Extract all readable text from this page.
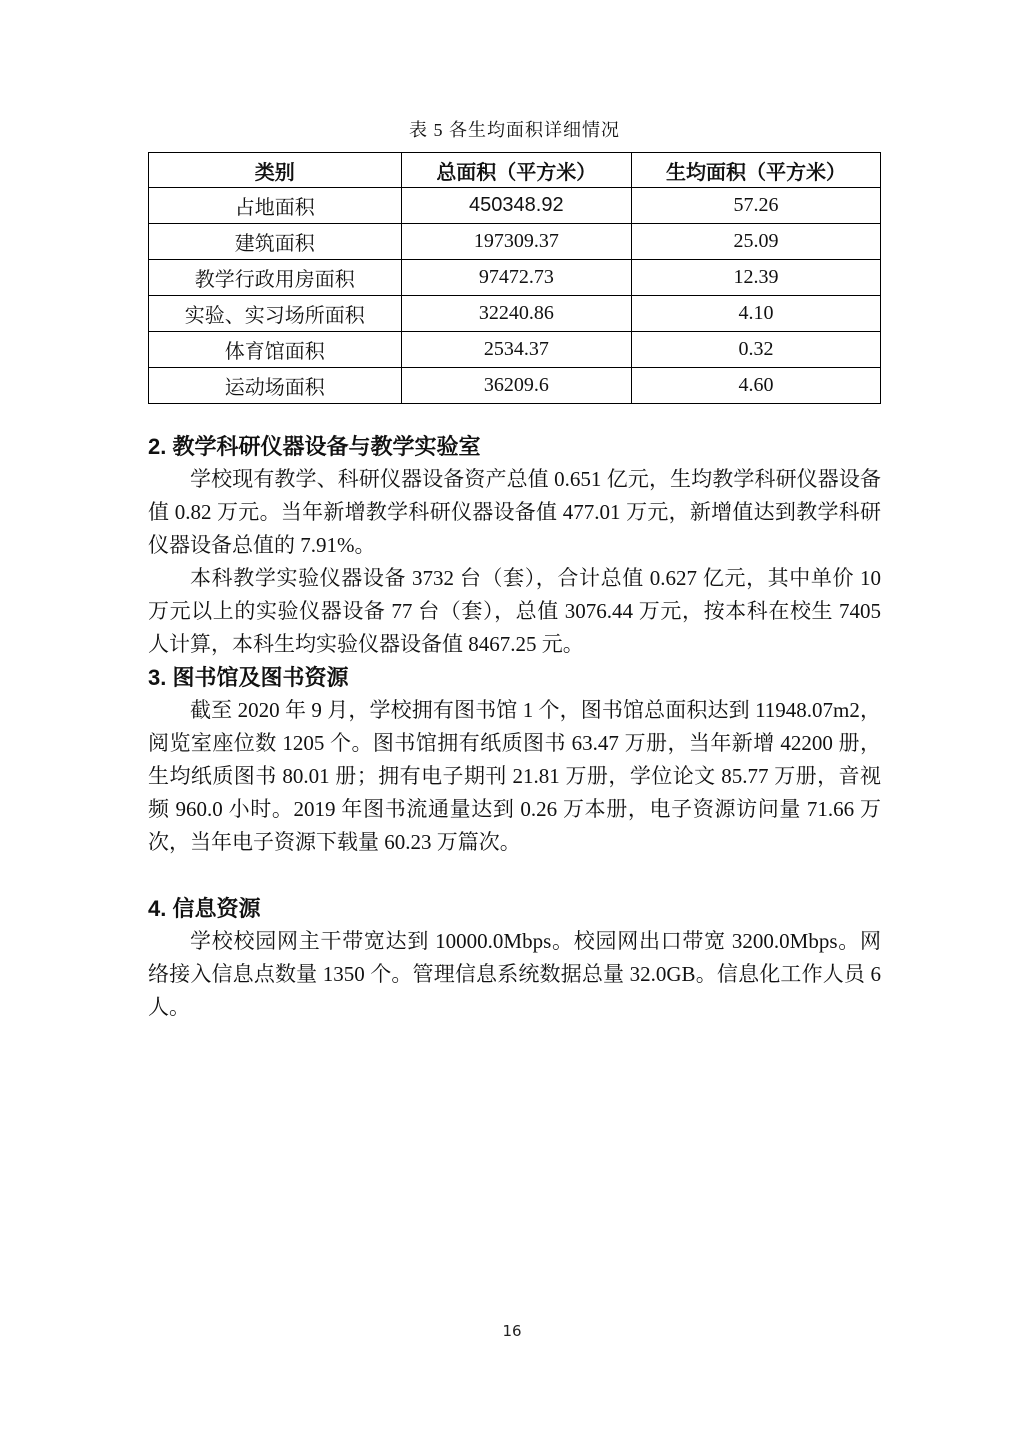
表 5 各生均面积详细情况
类别	总面积（平方米）	生均面积（平方米）
占地面积	450348.92	57.26
建筑面积	197309.37	25.09
教学行政用房面积	97472.73	12.39
实验、实习场所面积	32240.86	4.10
体育馆面积	2534.37	0.32
运动场面积	36209.6	4.60
2. 教学科研仪器设备与教学实验室

学校现有教学、科研仪器设备资产总值 0.651 亿元，生均教学科研仪器设备值 0.82 万元。当年新增教学科研仪器设备值 477.01 万元，新增值达到教学科研仪器设备总值的 7.91%。

本科教学实验仪器设备 3732 台（套），合计总值 0.627 亿元，其中单价 10 万元以上的实验仪器设备 77 台（套），总值 3076.44 万元，按本科在校生 7405 人计算，本科生均实验仪器设备值 8467.25 元。

3. 图书馆及图书资源

截至 2020 年 9 月，学校拥有图书馆 1 个，图书馆总面积达到 11948.07m2，阅览室座位数 1205 个。图书馆拥有纸质图书 63.47 万册，当年新增 42200 册，生均纸质图书 80.01 册；拥有电子期刊 21.81 万册，学位论文 85.77 万册，音视频 960.0 小时。2019 年图书流通量达到 0.26 万本册，电子资源访问量 71.66 万次，当年电子资源下载量 60.23 万篇次。

4. 信息资源

学校校园网主干带宽达到 10000.0Mbps。校园网出口带宽 3200.0Mbps。网络接入信息点数量 1350 个。管理信息系统数据总量 32.0GB。信息化工作人员 6 人。

16
